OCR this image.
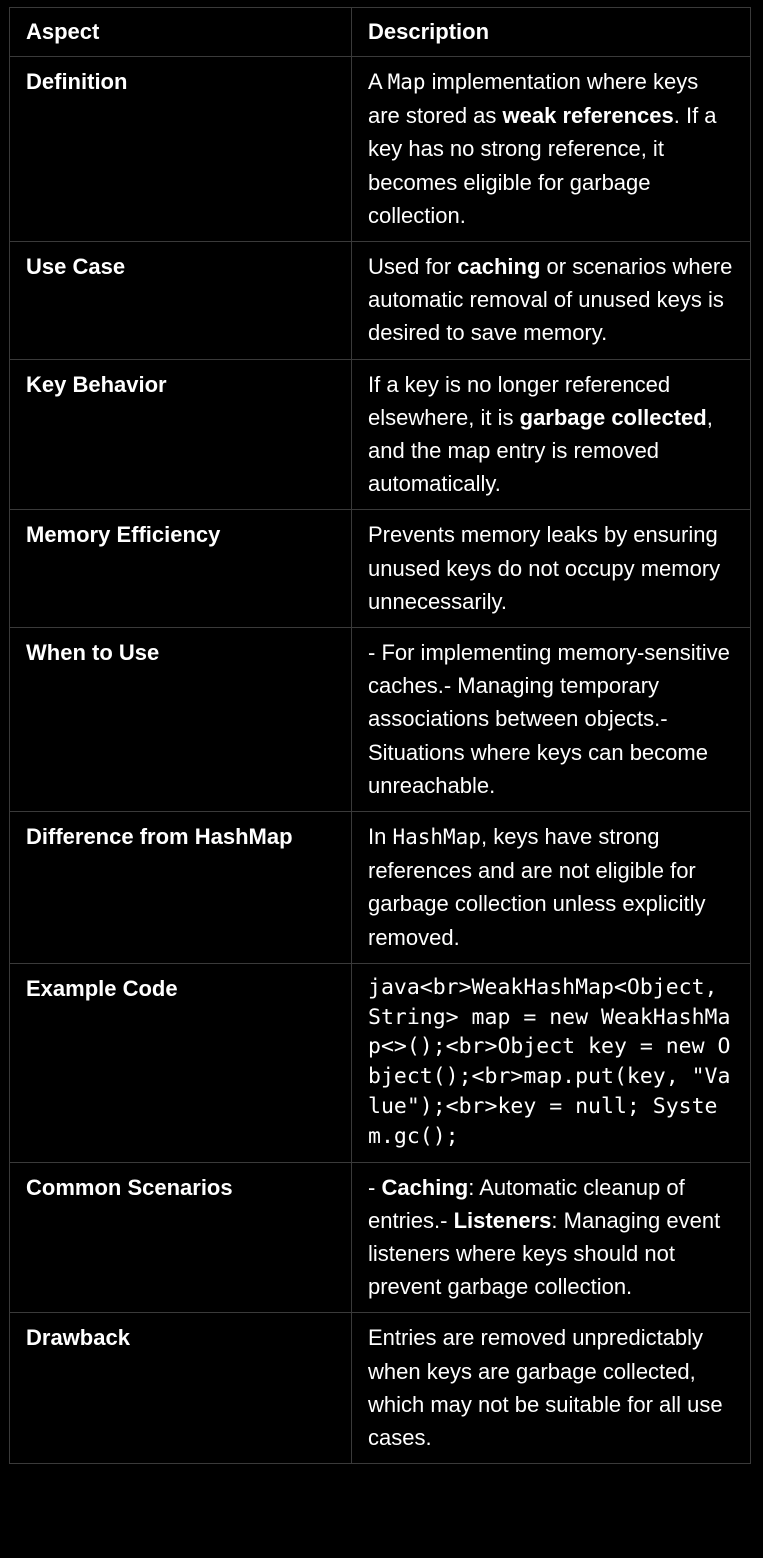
Aspect	Description
Definition	A Map implementation where keys are stored as weak references. If a key has no strong reference, it becomes eligible for garbage collection.
Use Case	Used for caching or scenarios where automatic removal of unused keys is desired to save memory.
Key Behavior	If a key is no longer referenced elsewhere, it is garbage collected, and the map entry is removed automatically.
Memory Efficiency	Prevents memory leaks by ensuring unused keys do not occupy memory unnecessarily.
When to Use	- For implementing memory-sensitive caches.- Managing temporary associations between objects.- Situations where keys can become unreachable.
Difference from HashMap	In HashMap, keys have strong references and are not eligible for garbage collection unless explicitly removed.
Example Code	java<br>WeakHashMap<Object, String> map = new WeakHashMap<>();<br>Object key = new Object();<br>map.put(key, "Value");<br>key = null; System.gc();
Common Scenarios	- Caching: Automatic cleanup of entries.- Listeners: Managing event listeners where keys should not prevent garbage collection.
Drawback	Entries are removed unpredictably when keys are garbage collected, which may not be suitable for all use cases.
